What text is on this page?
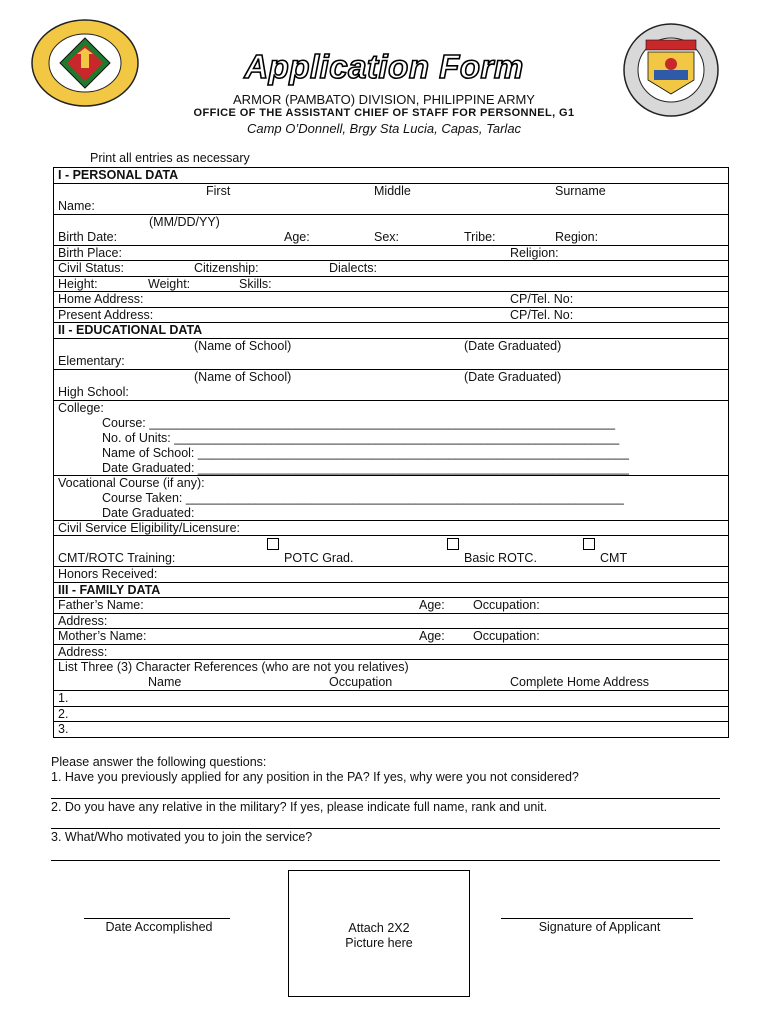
Application Form
ARMOR (PAMBATO) DIVISION, PHILIPPINE ARMY
OFFICE OF THE ASSISTANT CHIEF OF STAFF FOR PERSONNEL, G1
Camp O’Donnell, Brgy Sta Lucia, Capas, Tarlac
Print all entries as necessary
I - PERSONAL DATA

First	Middle	Surname
Name:

(MM/DD/YY)
Birth Date:	Age:	Sex:	Tribe:	Region:

Birth Place:	Religion:

Civil Status:	Citizenship:	Dialects:

Height:	Weight:	Skills:

Home Address:	CP/Tel. No:

Present Address:	CP/Tel. No:

II - EDUCATIONAL DATA

(Name of School)	(Date Graduated)
Elementary:

(Name of School)	(Date Graduated)
High School:

College:
Course: ___________________________________________________________________
No. of Units: ________________________________________________________________
Name of School: ______________________________________________________________
Date Graduated: ______________________________________________________________

Vocational Course (if any):
Course Taken: _______________________________________________________________
Date Graduated:

Civil Service Eligibility/Licensure:

CMT/ROTC Training:	POTC Grad.	Basic ROTC.	CMT

Honors Received:
III - FAMILY DATA
Father’s Name:	Age: Occupation:

Address:
Mother’s Name:	Age: Occupation:

Address:

List Three (3) Character References (who are not you relatives)
Name	Occupation	Complete Home Address

1.
2.
3.
Please answer the following questions:
1. Have you previously applied for any position in the PA? If yes, why were you not considered?
2. Do you have any relative in the military? If yes, please indicate full name, rank and unit.
3. What/Who motivated you to join the service?
Date Accomplished	Attach 2X2
Picture here
Signature of Applicant
